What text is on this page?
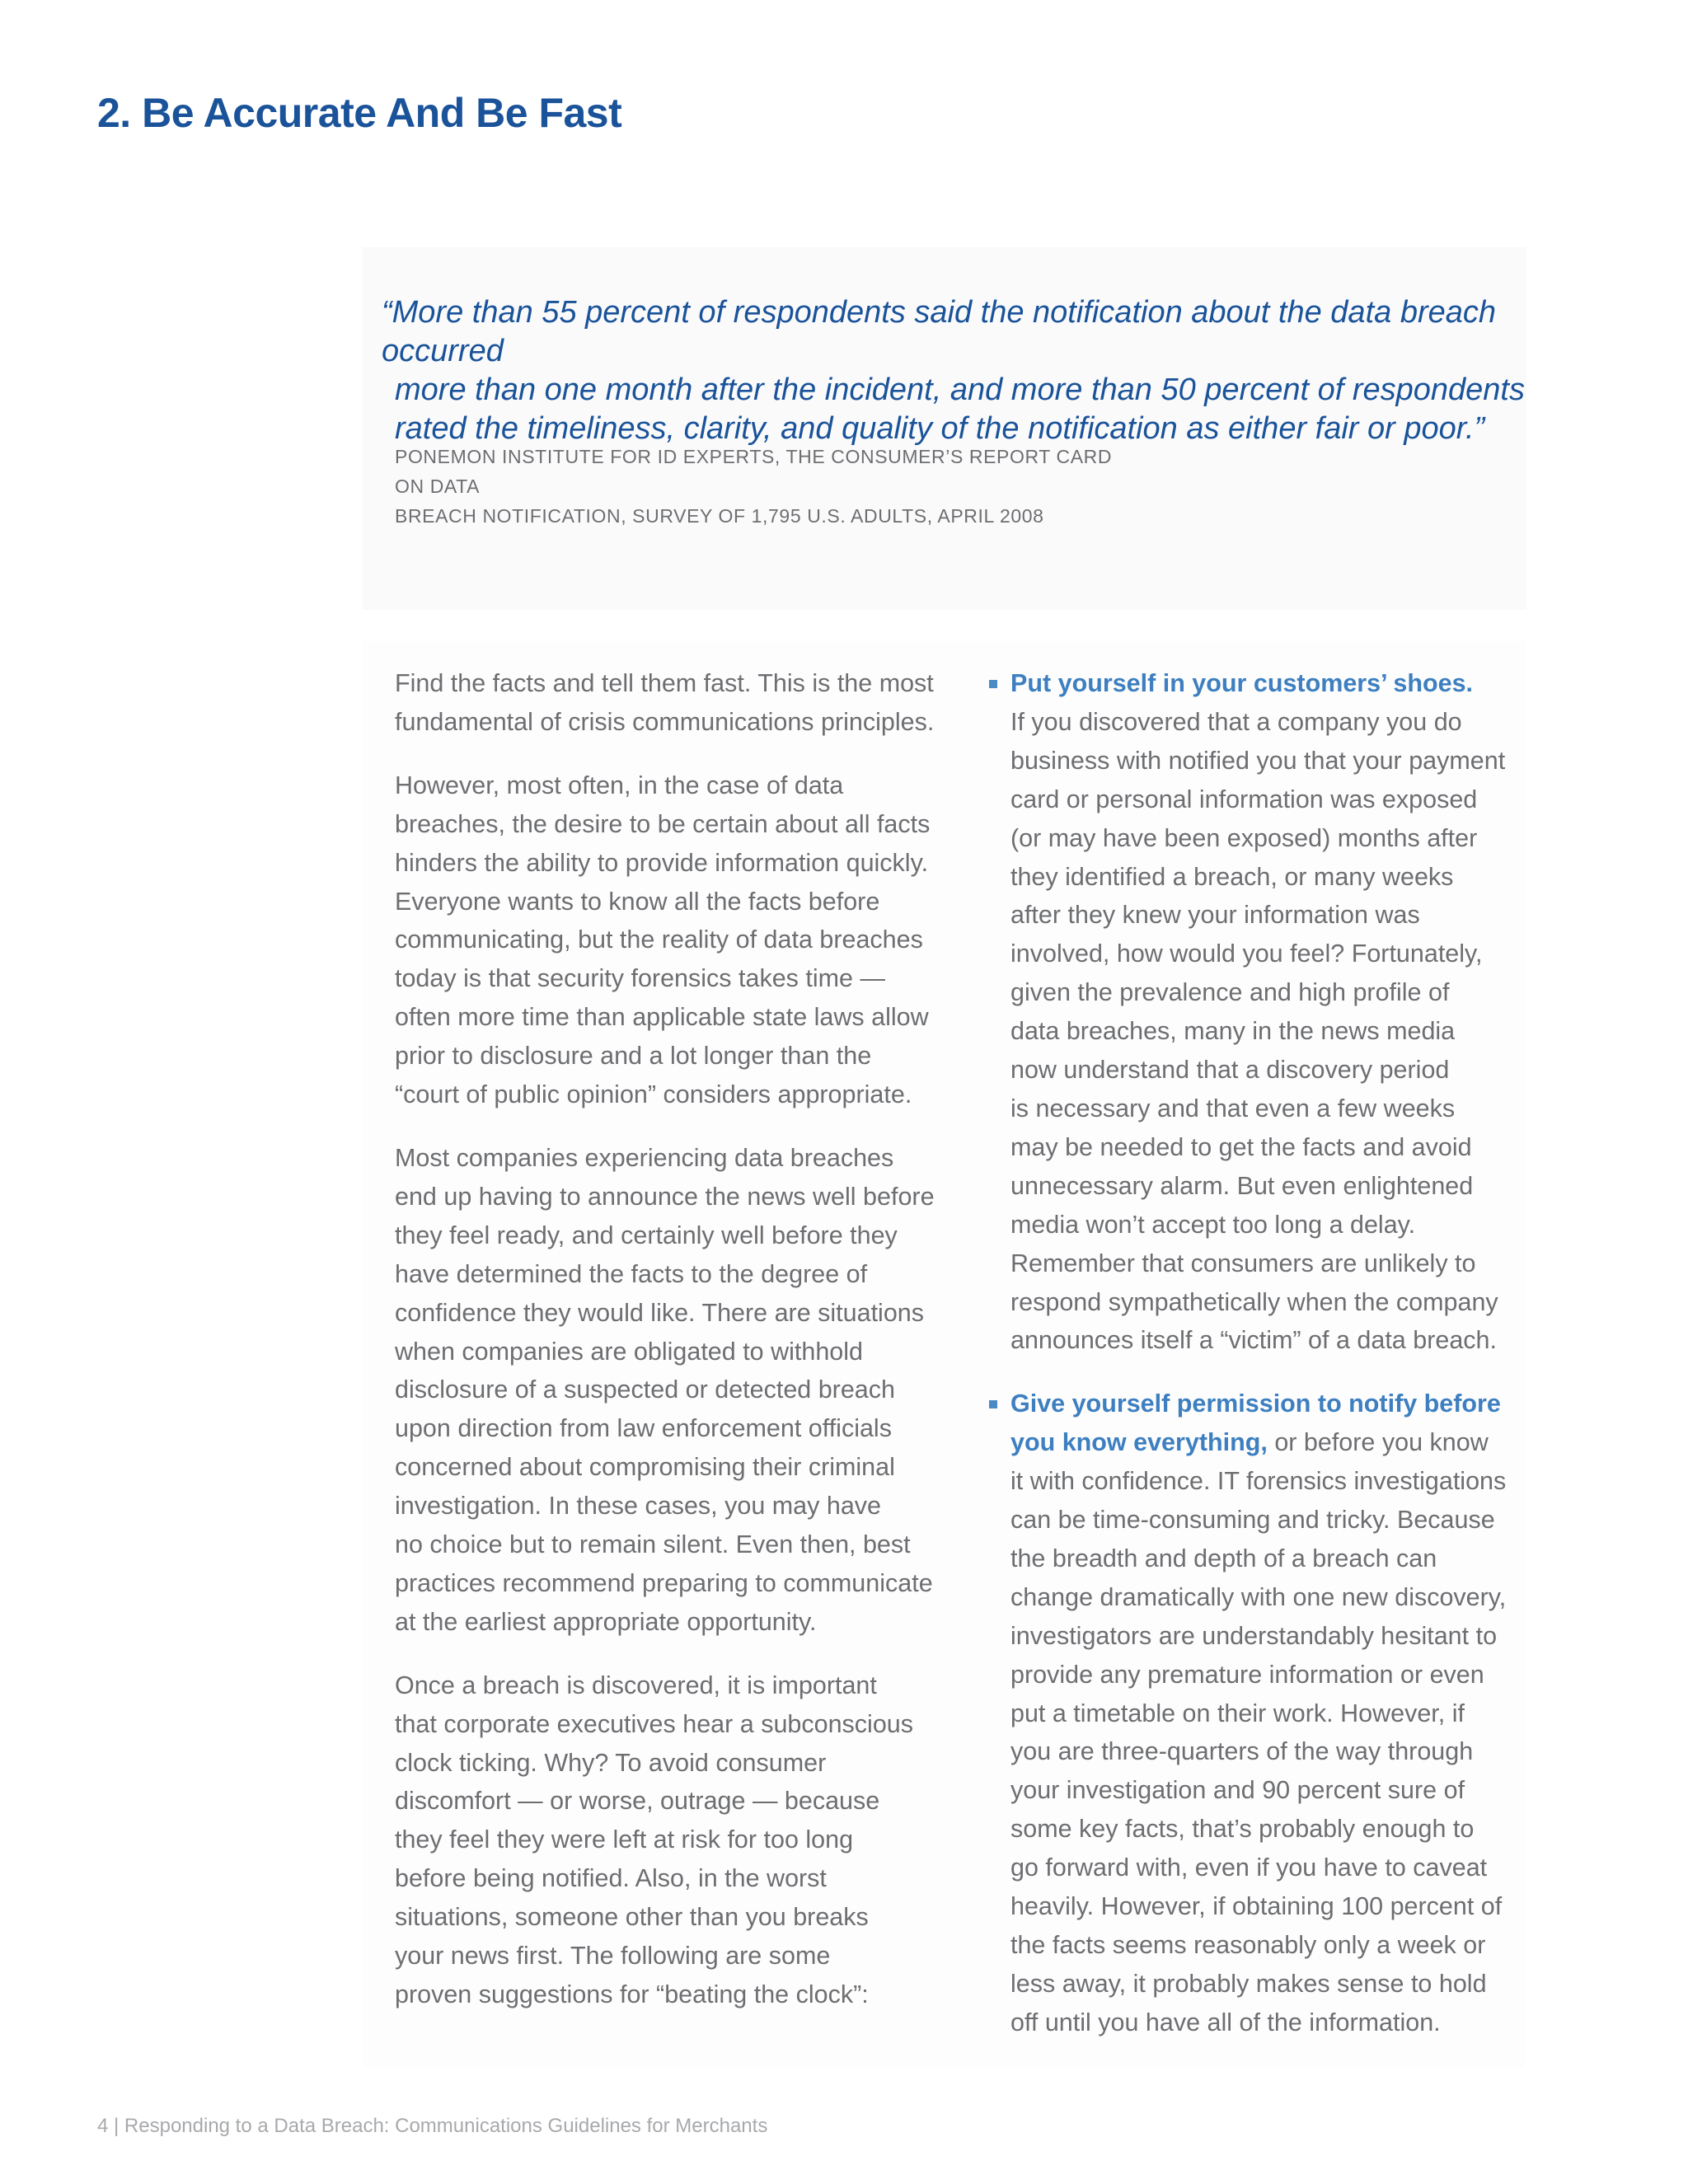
2. Be Accurate And Be Fast
“More than 55 percent of respondents said the notification about the data breach occurred
more than one month after the incident, and more than 50 percent of respondents
rated the timeliness, clarity, and quality of the notification as either fair or poor.”
PONEMON INSTITUTE FOR ID EXPERTS, THE CONSUMER’S REPORT CARD ON DATA
BREACH NOTIFICATION, SURVEY OF 1,795 U.S. ADULTS, APRIL 2008

Find the facts and tell them fast. This is the most
fundamental of crisis communications principles.

However, most often, in the case of data
breaches, the desire to be certain about all facts
hinders the ability to provide information quickly.
Everyone wants to know all the facts before
communicating, but the reality of data breaches
today is that security forensics takes time —
often more time than applicable state laws allow
prior to disclosure and a lot longer than the
“court of public opinion” considers appropriate.

Most companies experiencing data breaches
end up having to announce the news well before
they feel ready, and certainly well before they
have determined the facts to the degree of
confidence they would like. There are situations
when companies are obligated to withhold
disclosure of a suspected or detected breach
upon direction from law enforcement officials
concerned about compromising their criminal
investigation. In these cases, you may have
no choice but to remain silent. Even then, best
practices recommend preparing to communicate
at the earliest appropriate opportunity.

Once a breach is discovered, it is important
that corporate executives hear a subconscious
clock ticking. Why? To avoid consumer
discomfort — or worse, outrage — because
they feel they were left at risk for too long
before being notified. Also, in the worst
situations, someone other than you breaks
your news first. The following are some
proven suggestions for “beating the clock”:

Put yourself in your customers’ shoes.
If you discovered that a company you do
business with notified you that your payment
card or personal information was exposed
(or may have been exposed) months after
they identified a breach, or many weeks
after they knew your information was
involved, how would you feel? Fortunately,
given the prevalence and high profile of
data breaches, many in the news media
now understand that a discovery period
is necessary and that even a few weeks
may be needed to get the facts and avoid
unnecessary alarm. But even enlightened
media won’t accept too long a delay.
Remember that consumers are unlikely to
respond sympathetically when the company
announces itself a “victim” of a data breach.
Give yourself permission to notify before
you know everything, or before you know
it with confidence. IT forensics investigations
can be time-consuming and tricky. Because
the breadth and depth of a breach can
change dramatically with one new discovery,
investigators are understandably hesitant to
provide any premature information or even
put a timetable on their work. However, if
you are three-quarters of the way through
your investigation and 90 percent sure of
some key facts, that’s probably enough to
go forward with, even if you have to caveat
heavily. However, if obtaining 100 percent of
the facts seems reasonably only a week or
less away, it probably makes sense to hold
off until you have all of the information.
4 | Responding to a Data Breach: Communications Guidelines for Merchants
